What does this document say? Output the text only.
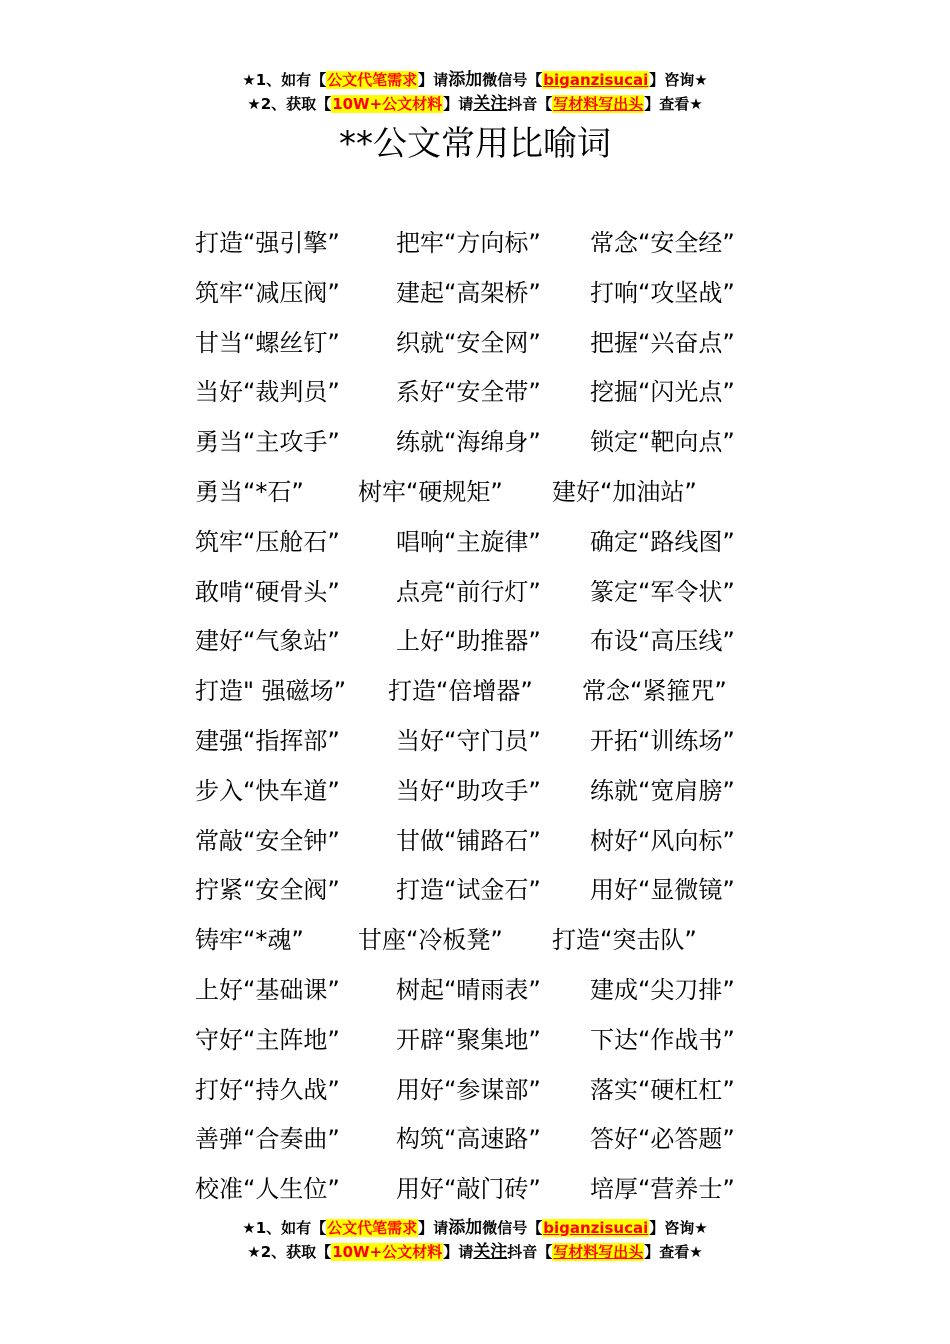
★1、如有【公文代笔需求】请添加微信号【biganzisucai】咨询★
★2、获取【10W+公文材料】请关注抖音【写材料写出头】查看★
**公文常用比喻词
打造“强引擎” 把牢“方向标” 常念“安全经”
筑牢“减压阀” 建起“高架桥” 打响“攻坚战”
甘当“螺丝钉” 织就“安全网” 把握“兴奋点”
当好“裁判员” 系好“安全带” 挖掘“闪光点”
勇当“主攻手” 练就“海绵身” 锁定“靶向点”
勇当“*石” 树牢“硬规矩” 建好“加油站”
筑牢“压舱石” 唱响“主旋律” 确定“路线图”
敢啃“硬骨头” 点亮“前行灯” 篆定“军令状”
建好“气象站” 上好“助推器” 布设“高压线”
打造" 强磁场” 打造“倍增器” 常念“紧箍咒”
建强“指挥部” 当好“守门员” 开拓“训练场”
步入“快车道” 当好“助攻手” 练就“宽肩膀”
常敲“安全钟” 甘做“铺路石” 树好“风向标”
拧紧“安全阀” 打造“试金石” 用好“显微镜”
铸牢“*魂” 甘座“冷板凳” 打造“突击队”
上好“基础课” 树起“晴雨表” 建成“尖刀排”
守好“主阵地” 开辟“聚集地” 下达“作战书”
打好“持久战” 用好“参谋部” 落实“硬杠杠”
善弹“合奏曲” 构筑“高速路” 答好“必答题”
校准“人生位” 用好“敲门砖” 培厚“营养士”
★1、如有【公文代笔需求】请添加微信号【biganzisucai】咨询★
★2、获取【10W+公文材料】请关注抖音【写材料写出头】查看★
